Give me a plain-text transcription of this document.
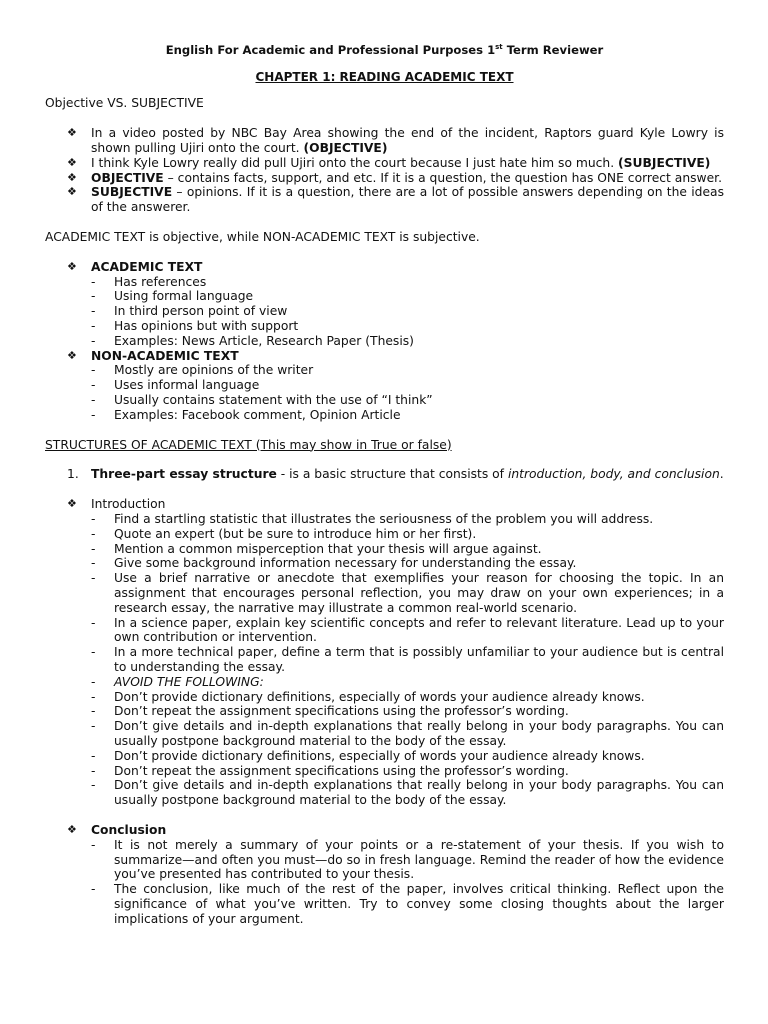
English For Academic and Professional Purposes 1st Term Reviewer
CHAPTER 1: READING ACADEMIC TEXT
Objective VS. SUBJECTIVE
❖ In a video posted by NBC Bay Area showing the end of the incident, Raptors guard Kyle Lowry is shown pulling Ujiri onto the court. (OBJECTIVE)
❖ I think Kyle Lowry really did pull Ujiri onto the court because I just hate him so much. (SUBJECTIVE)
❖ OBJECTIVE – contains facts, support, and etc. If it is a question, the question has ONE correct answer.
❖ SUBJECTIVE – opinions. If it is a question, there are a lot of possible answers depending on the ideas of the answerer.
ACADEMIC TEXT is objective, while NON-ACADEMIC TEXT is subjective.
❖ ACADEMIC TEXT
- Has references
- Using formal language
- In third person point of view
- Has opinions but with support
- Examples: News Article, Research Paper (Thesis)
❖ NON-ACADEMIC TEXT
- Mostly are opinions of the writer
- Uses informal language
- Usually contains statement with the use of “I think”
- Examples: Facebook comment, Opinion Article
STRUCTURES OF ACADEMIC TEXT (This may show in True or false)
1. Three-part essay structure - is a basic structure that consists of introduction, body, and conclusion.
❖ Introduction
- Find a startling statistic that illustrates the seriousness of the problem you will address.
- Quote an expert (but be sure to introduce him or her first).
- Mention a common misperception that your thesis will argue against.
- Give some background information necessary for understanding the essay.
- Use a brief narrative or anecdote that exemplifies your reason for choosing the topic. In an assignment that encourages personal reflection, you may draw on your own experiences; in a research essay, the narrative may illustrate a common real-world scenario.
- In a science paper, explain key scientific concepts and refer to relevant literature. Lead up to your own contribution or intervention.
- In a more technical paper, define a term that is possibly unfamiliar to your audience but is central to understanding the essay.
- AVOID THE FOLLOWING:
- Don’t provide dictionary definitions, especially of words your audience already knows.
- Don’t repeat the assignment specifications using the professor’s wording.
- Don’t give details and in-depth explanations that really belong in your body paragraphs. You can usually postpone background material to the body of the essay.
- Don’t provide dictionary definitions, especially of words your audience already knows.
- Don’t repeat the assignment specifications using the professor’s wording.
- Don’t give details and in-depth explanations that really belong in your body paragraphs. You can usually postpone background material to the body of the essay.
❖ Conclusion
- It is not merely a summary of your points or a re-statement of your thesis. If you wish to summarize—and often you must—do so in fresh language. Remind the reader of how the evidence you’ve presented has contributed to your thesis.
- The conclusion, like much of the rest of the paper, involves critical thinking. Reflect upon the significance of what you’ve written. Try to convey some closing thoughts about the larger implications of your argument.
